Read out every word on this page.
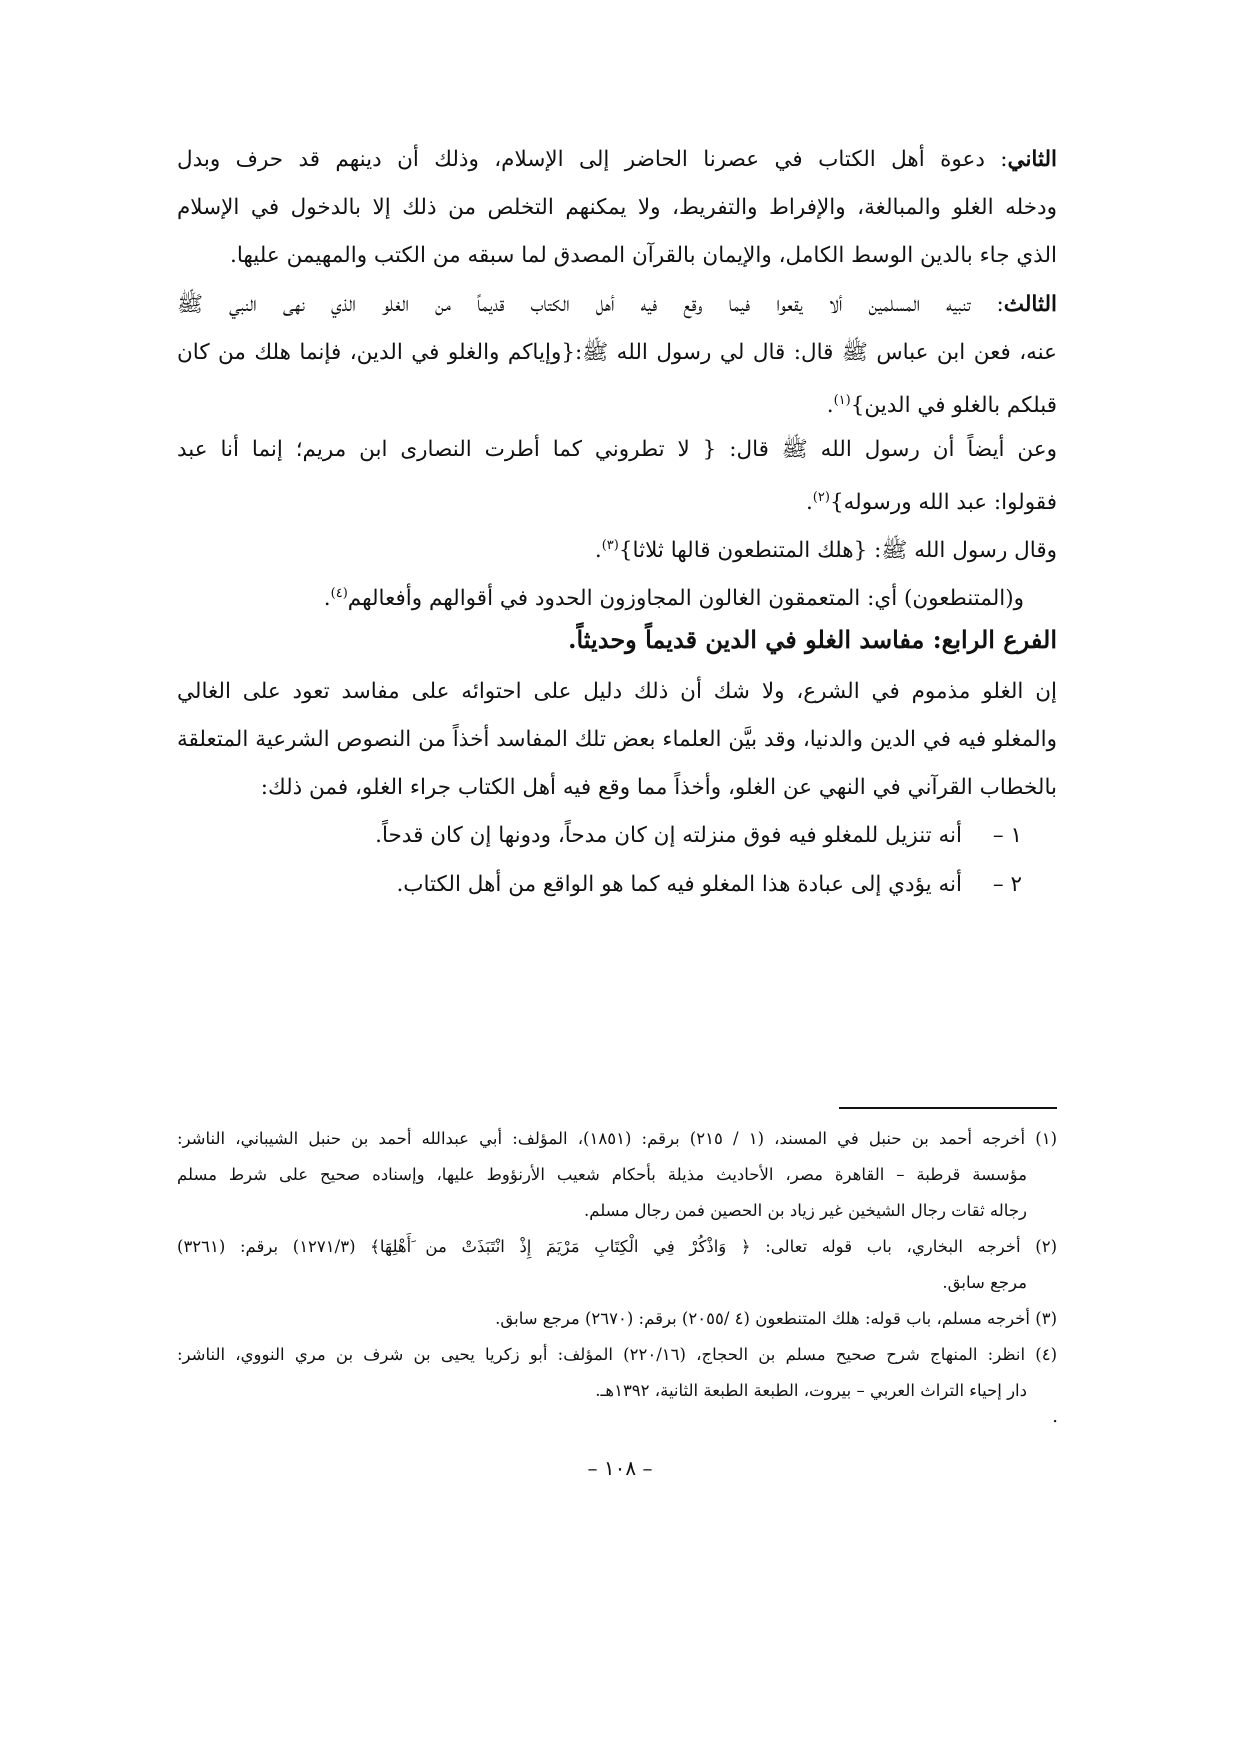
الثاني: دعوة أهل الكتاب في عصرنا الحاضر إلى الإسلام، وذلك أن دينهم قد حرف وبدل
ودخله الغلو والمبالغة، والإفراط والتفريط، ولا يمكنهم التخلص من ذلك إلا بالدخول في الإسلام
الذي جاء بالدين الوسط الكامل، والإيمان بالقرآن المصدق لما سبقه من الكتب والمهيمن عليها.
الثالث: تنبيه المسلمين ألا يقعوا فيما وقع فيه أهل الكتاب قديماً من الغلو الذي نهى النبي ﷺ
عنه، فعن ابن عباس ﷺ قال: قال لي رسول الله ﷺ:{وإياكم والغلو في الدين، فإنما هلك من كان
قبلكم بالغلو في الدين}$^{(١)}$.
وعن أيضاً أن رسول الله ﷺ قال: { لا تطروني كما أطرت النصارى ابن مريم؛ إنما أنا عبد
فقولوا: عبد الله ورسوله}$^{(٢)}$.
وقال رسول الله ﷺ: {هلك المتنطعون قالها ثلاثا}$^{(٣)}$.
و(المتنطعون) أي: المتعمقون الغالون المجاوزون الحدود في أقوالهم وأفعالهم$^{(٤)}$.
الفرع الرابع: مفاسد الغلو في الدين قديماً وحديثاً.
إن الغلو مذموم في الشرع، ولا شك أن ذلك دليل على احتوائه على مفاسد تعود على الغالي
والمغلو فيه في الدين والدنيا، وقد بيَّن العلماء بعض تلك المفاسد أخذاً من النصوص الشرعية المتعلقة
بالخطاب القرآني في النهي عن الغلو، وأخذاً مما وقع فيه أهل الكتاب جراء الغلو، فمن ذلك:
١ –أنه تنزيل للمغلو فيه فوق منزلته إن كان مدحاً، ودونها إن كان قدحاً.
٢ –أنه يؤدي إلى عبادة هذا المغلو فيه كما هو الواقع من أهل الكتاب.
(١) أخرجه أحمد بن حنبل في المسند، (١ / ٢١٥) برقم: (١٨٥١)، المؤلف: أبي عبدالله أحمد بن حنبل الشيباني، الناشر:
مؤسسة قرطبة – القاهرة مصر، الأحاديث مذيلة بأحكام شعيب الأرنؤوط عليها، وإسناده صحيح على شرط مسلم
رجاله ثقات رجال الشيخين غير زياد بن الحصين فمن رجال مسلم.
(٢) أخرجه البخاري، باب قوله تعالى: ﴿ وَاذْكُرْ فِي الْكِتَابِ مَرْيَمَ إِذْ انْتَبَذَتْ من َأَهْلِهَا﴾ (١٢٧١/٣) برقم: (٣٢٦١)
مرجع سابق.
(٣) أخرجه مسلم، باب قوله: هلك المتنطعون (٤ /٢٠٥٥) برقم: (٢٦٧٠) مرجع سابق.
(٤) انظر: المنهاج شرح صحيح مسلم بن الحجاج، (٢٢٠/١٦) المؤلف: أبو زكريا يحيى بن شرف بن مري النووي، الناشر:
دار إحياء التراث العربي – بيروت، الطبعة الطبعة الثانية، ١٣٩٢هـ.
.
– ١٠٨ –
